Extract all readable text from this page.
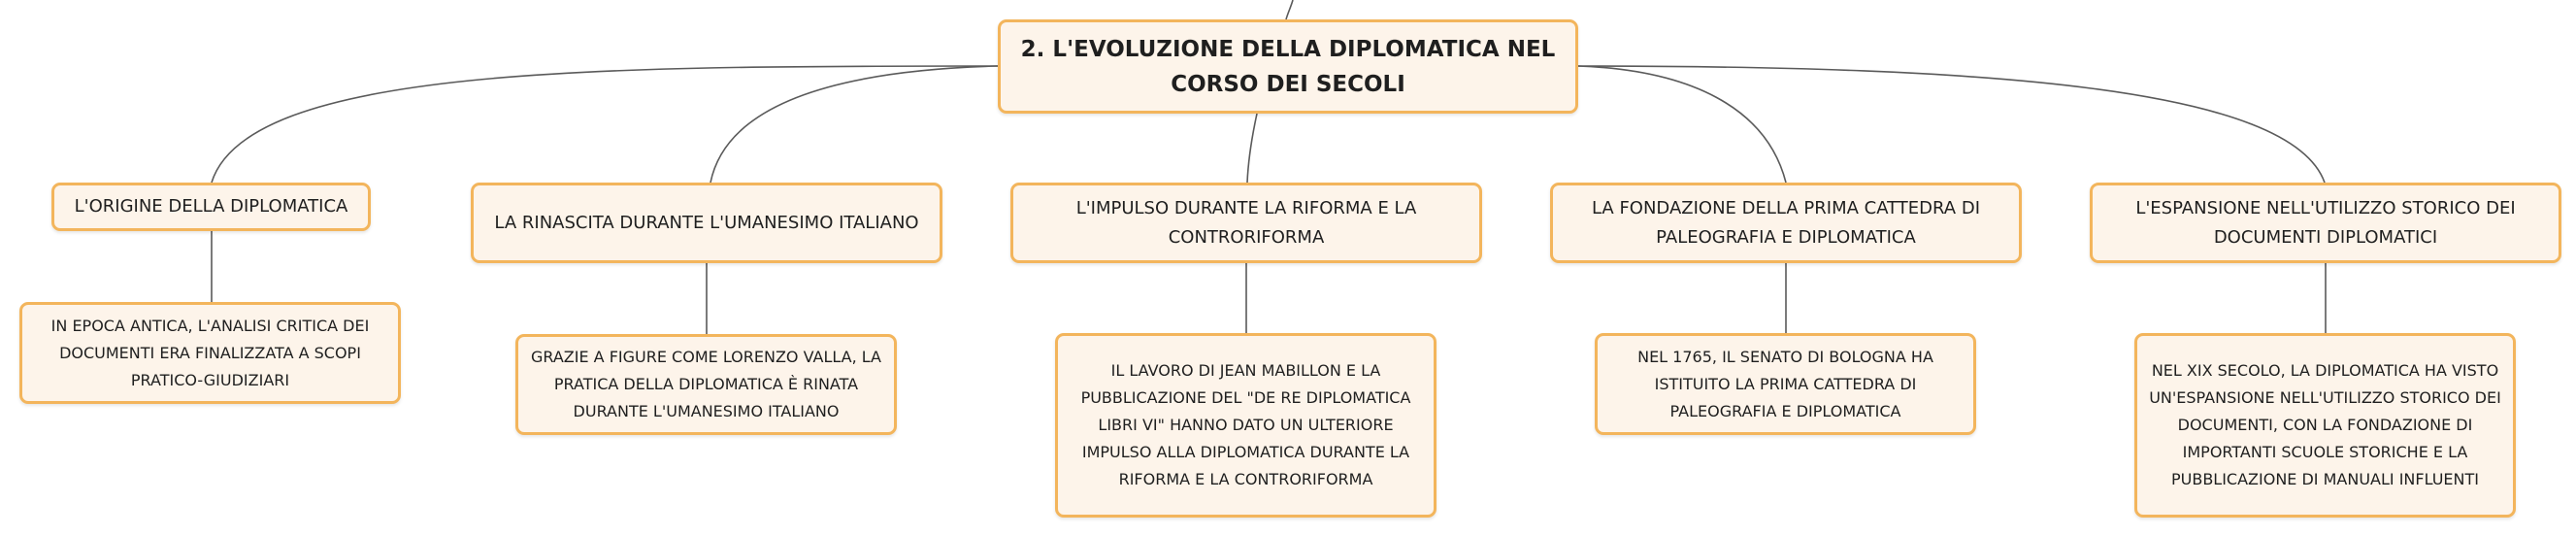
2. L'EVOLUZIONE DELLA DIPLOMATICA NEL CORSO DEI SECOLI
L'ORIGINE DELLA DIPLOMATICA
LA RINASCITA DURANTE L'UMANESIMO ITALIANO
L'IMPULSO DURANTE LA RIFORMA E LA CONTRORIFORMA
LA FONDAZIONE DELLA PRIMA CATTEDRA DI PALEOGRAFIA E DIPLOMATICA
L'ESPANSIONE NELL'UTILIZZO STORICO DEI DOCUMENTI DIPLOMATICI
IN EPOCA ANTICA, L'ANALISI CRITICA DEI DOCUMENTI ERA FINALIZZATA A SCOPI PRATICO-GIUDIZIARI
GRAZIE A FIGURE COME LORENZO VALLA, LA PRATICA DELLA DIPLOMATICA È RINATA DURANTE L'UMANESIMO ITALIANO
IL LAVORO DI JEAN MABILLON E LA PUBBLICAZIONE DEL "DE RE DIPLOMATICA LIBRI VI" HANNO DATO UN ULTERIORE IMPULSO ALLA DIPLOMATICA DURANTE LA RIFORMA E LA CONTRORIFORMA
NEL 1765, IL SENATO DI BOLOGNA HA ISTITUITO LA PRIMA CATTEDRA DI PALEOGRAFIA E DIPLOMATICA
NEL XIX SECOLO, LA DIPLOMATICA HA VISTO UN'ESPANSIONE NELL'UTILIZZO STORICO DEI DOCUMENTI, CON LA FONDAZIONE DI IMPORTANTI SCUOLE STORICHE E LA PUBBLICAZIONE DI MANUALI INFLUENTI
